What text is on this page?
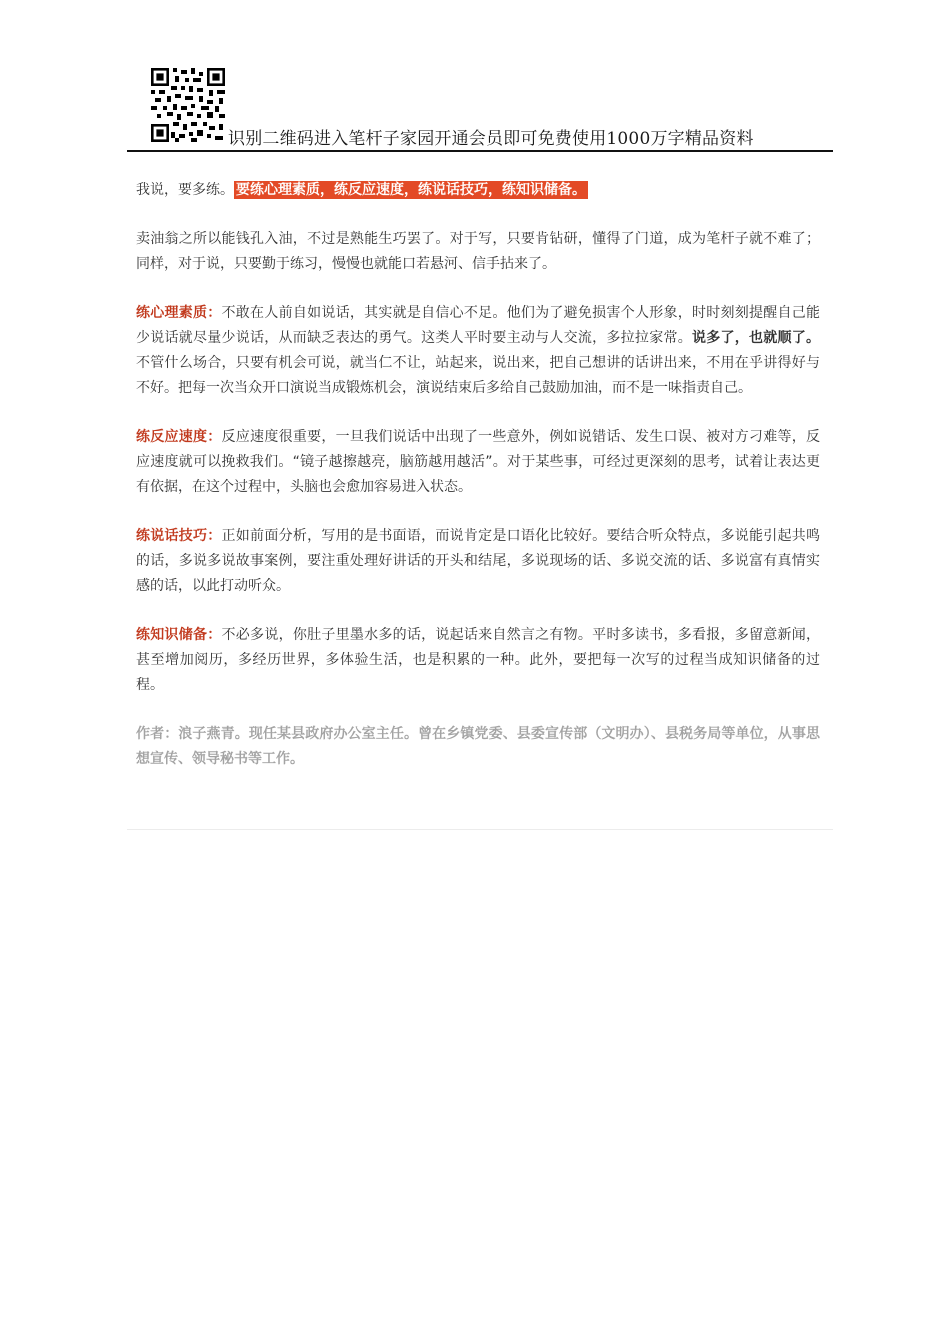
识别二维码进入笔杆子家园开通会员即可免费使用1000万字精品资料

我说，要多练。 要练心理素质，练反应速度，练说话技巧，练知识储备。

卖油翁之所以能钱孔入油，不过是熟能生巧罢了。对于写，只要肯钻研，懂得了门道，成为笔杆子就不难了；同样，对于说，只要勤于练习，慢慢也就能口若悬河、信手拈来了。

练心理素质：不敢在人前自如说话，其实就是自信心不足。他们为了避免损害个人形象，时时刻刻提醒自己能少说话就尽量少说话，从而缺乏表达的勇气。这类人平时要主动与人交流，多拉拉家常。说多了，也就顺了。不管什么场合，只要有机会可说，就当仁不让，站起来，说出来，把自己想讲的话讲出来，不用在乎讲得好与不好。把每一次当众开口演说当成锻炼机会，演说结束后多给自己鼓励加油，而不是一味指责自己。

练反应速度：反应速度很重要，一旦我们说话中出现了一些意外，例如说错话、发生口误、被对方刁难等，反应速度就可以挽救我们。“镜子越擦越亮，脑筋越用越活”。对于某些事，可经过更深刻的思考，试着让表达更有依据，在这个过程中，头脑也会愈加容易进入状态。

练说话技巧：正如前面分析，写用的是书面语，而说肯定是口语化比较好。要结合听众特点，多说能引起共鸣的话，多说多说故事案例，要注重处理好讲话的开头和结尾，多说现场的话、多说交流的话、多说富有真情实感的话，以此打动听众。

练知识储备：不必多说，你肚子里墨水多的话，说起话来自然言之有物。平时多读书，多看报，多留意新闻，甚至增加阅历，多经历世界，多体验生活，也是积累的一种。此外，要把每一次写的过程当成知识储备的过程。

作者：浪子燕青。现任某县政府办公室主任。曾在乡镇党委、县委宣传部（文明办）、县税务局等单位，从事思想宣传、领导秘书等工作。
